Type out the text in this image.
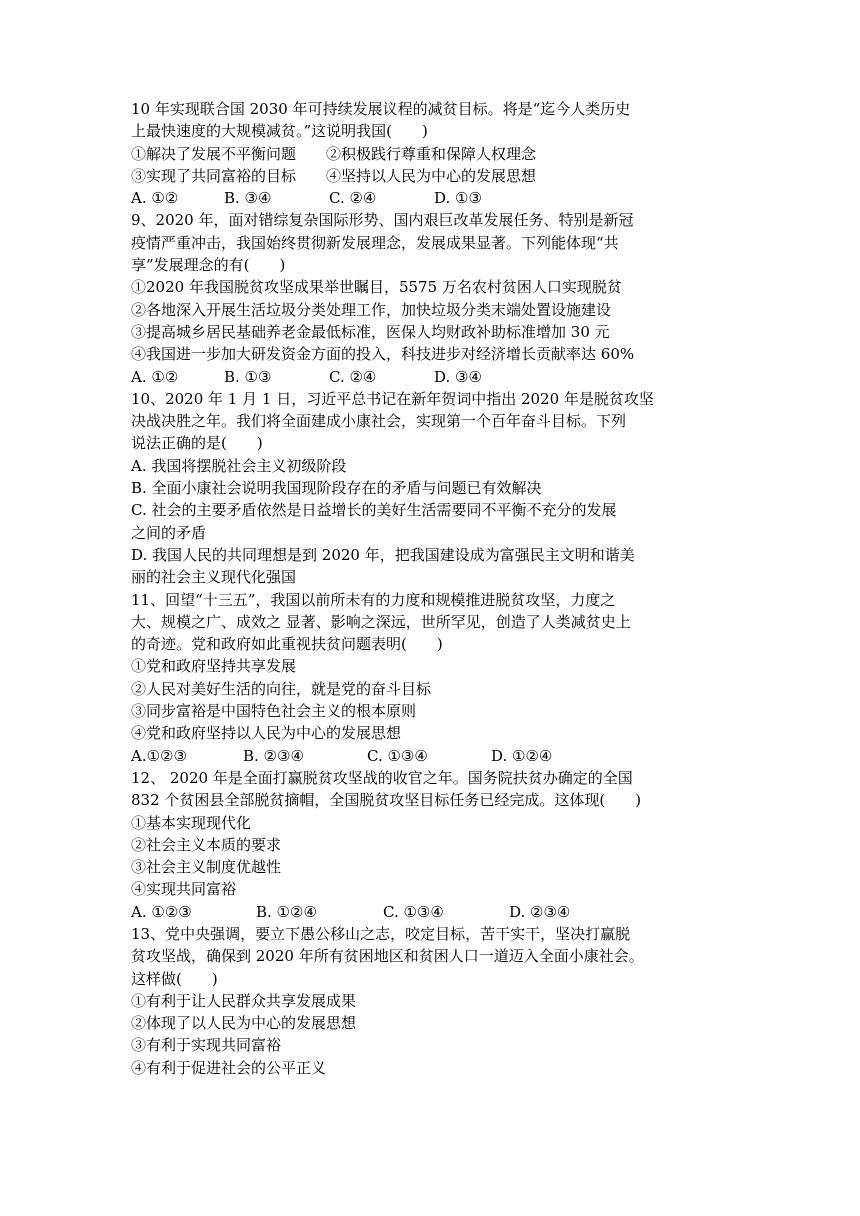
10 年实现联合国 2030 年可持续发展议程的减贫目标。将是“迄今人类历史
上最快速度的大规模减贫。”这说明我国(　　)
①解决了发展不平衡问题　　②积极践行尊重和保障人权理念
③实现了共同富裕的目标　　④坚持以人民为中心的发展思想
A. ①②	B. ③④	C. ②④	D. ①③
9、2020 年，面对错综复杂国际形势、国内艰巨改革发展任务、特别是新冠
疫情严重冲击，我国始终贯彻新发展理念，发展成果显著。下列能体现“共
享”发展理念的有(　　)
①2020 年我国脱贫攻坚成果举世瞩目，5575 万名农村贫困人口实现脱贫
②各地深入开展生活垃圾分类处理工作，加快垃圾分类末端处置设施建设
③提高城乡居民基础养老金最低标准，医保人均财政补助标准增加 30 元
④我国进一步加大研发资金方面的投入，科技进步对经济增长贡献率达 60%
A. ①②	B. ①③	C. ②④	D. ③④
10、2020 年 1 月 1 日，习近平总书记在新年贺词中指出 2020 年是脱贫攻坚
决战决胜之年。我们将全面建成小康社会，实现第一个百年奋斗目标。下列
说法正确的是(　　)
A. 我国将摆脱社会主义初级阶段
B. 全面小康社会说明我国现阶段存在的矛盾与问题已有效解决
C. 社会的主要矛盾依然是日益增长的美好生活需要同不平衡不充分的发展
之间的矛盾
D. 我国人民的共同理想是到 2020 年，把我国建设成为富强民主文明和谐美
丽的社会主义现代化强国
11、回望“十三五”，我国以前所未有的力度和规模推进脱贫攻坚，力度之
大、规模之广、成效之 显著、影响之深远，世所罕见，创造了人类减贫史上
的奇迹。党和政府如此重视扶贫问题表明(　　)
①党和政府坚持共享发展
②人民对美好生活的向往，就是党的奋斗目标
③同步富裕是中国特色社会主义的根本原则
④党和政府坚持以人民为中心的发展思想
A.①②③	B. ②③④	C. ①③④	D. ①②④
12、 2020 年是全面打赢脱贫攻坚战的收官之年。国务院扶贫办确定的全国
832 个贫困县全部脱贫摘帽，全国脱贫攻坚目标任务已经完成。这体现(　　)
①基本实现现代化
②社会主义本质的要求
③社会主义制度优越性
④实现共同富裕
A. ①②③	B. ①②④	C. ①③④	D. ②③④
13、党中央强调，要立下愚公移山之志，咬定目标，苦干实干，坚决打赢脱
贫攻坚战，确保到 2020 年所有贫困地区和贫困人口一道迈入全面小康社会。
这样做(　　)
①有利于让人民群众共享发展成果
②体现了以人民为中心的发展思想
③有利于实现共同富裕
④有利于促进社会的公平正义
